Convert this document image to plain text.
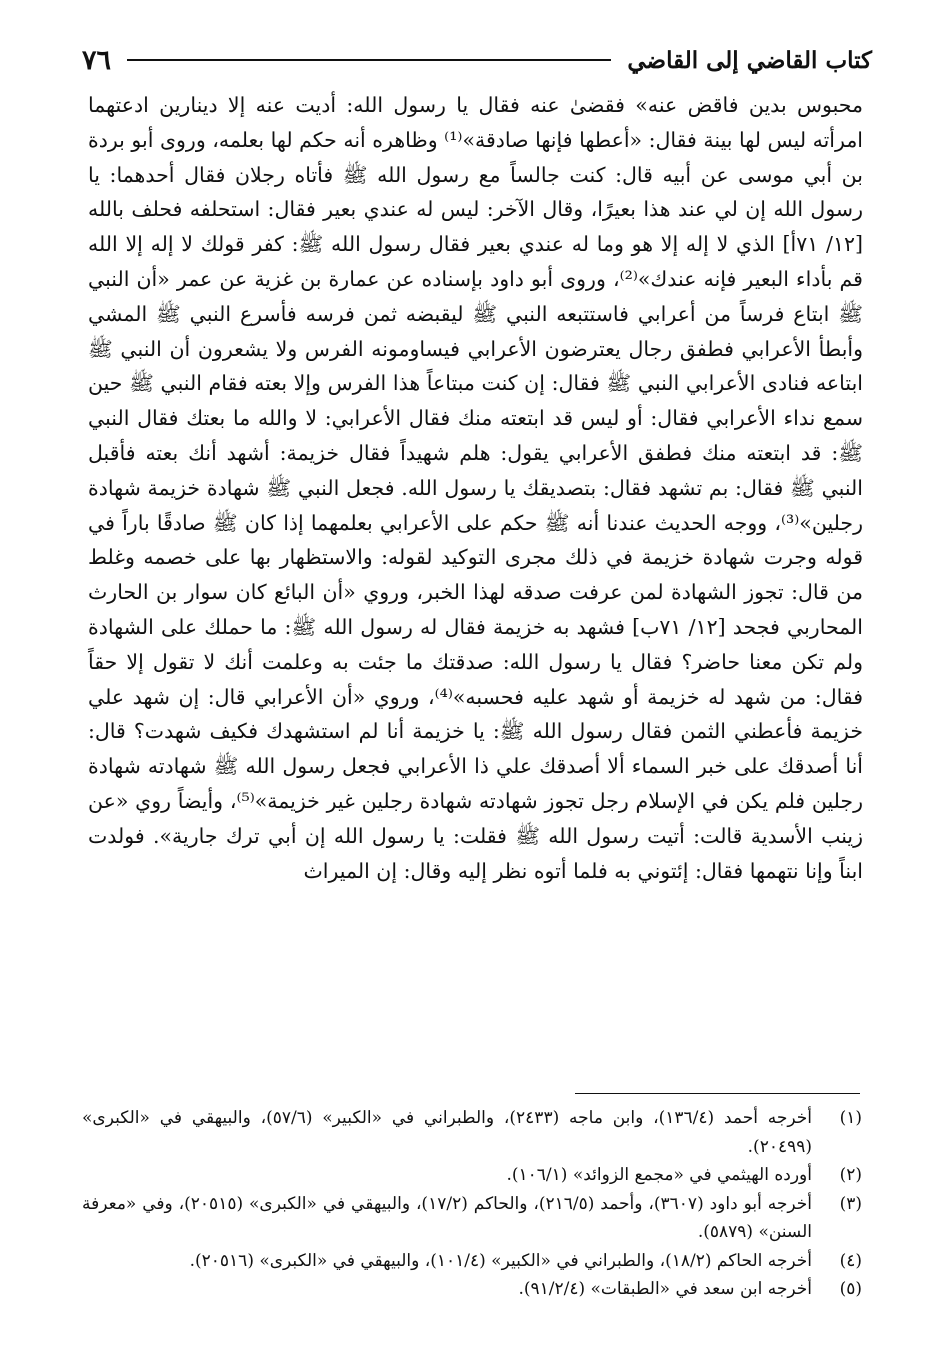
كتاب القاضي إلى القاضي
٧٦

محبوس بدين فاقض عنه» فقضىٰ عنه فقال يا رسول الله: أديت عنه إلا دينارين ادعتهما امرأته ليس لها بينة فقال: «أعطها فإنها صادقة»⁽¹⁾ وظاهره أنه حكم لها بعلمه، وروى أبو بردة بن أبي موسى عن أبيه قال: كنت جالساً مع رسول الله ﷺ فأتاه رجلان فقال أحدهما: يا رسول الله إن لي عند هذا بعيرًا، وقال الآخر: ليس له عندي بعير فقال: استحلفه فحلف بالله [١٢/ ٧١أ] الذي لا إله إلا هو وما له عندي بعير فقال رسول الله ﷺ: كفر قولك لا إله إلا الله قم بأداء البعير فإنه عندك»⁽²⁾، وروى أبو داود بإسناده عن عمارة بن غزية عن عمر «أن النبي ﷺ ابتاع فرساً من أعرابي فاستتبعه النبي ﷺ ليقبضه ثمن فرسه فأسرع النبي ﷺ المشي وأبطأ الأعرابي فطفق رجال يعترضون الأعرابي فيساومونه الفرس ولا يشعرون أن النبي ﷺ ابتاعه فنادى الأعرابي النبي ﷺ فقال: إن كنت مبتاعاً هذا الفرس وإلا بعته فقام النبي ﷺ حين سمع نداء الأعرابي فقال: أو ليس قد ابتعته منك فقال الأعرابي: لا والله ما بعتك فقال النبي ﷺ: قد ابتعته منك فطفق الأعرابي يقول: هلم شهيداً فقال خزيمة: أشهد أنك بعته فأقبل النبي ﷺ فقال: بم تشهد فقال: بتصديقك يا رسول الله. فجعل النبي ﷺ شهادة خزيمة شهادة رجلين»⁽³⁾، ووجه الحديث عندنا أنه ﷺ حكم على الأعرابي بعلمهما إذا كان ﷺ صادقًا باراً في قوله وجرت شهادة خزيمة في ذلك مجرى التوكيد لقوله: والاستظهار بها على خصمه وغلط من قال: تجوز الشهادة لمن عرفت صدقه لهذا الخبر، وروي «أن البائع كان سوار بن الحارث المحاربي فجحد [١٢/ ٧١ب] فشهد به خزيمة فقال له رسول الله ﷺ: ما حملك على الشهادة ولم تكن معنا حاضر؟ فقال يا رسول الله: صدقتك ما جئت به وعلمت أنك لا تقول إلا حقاً فقال: من شهد له خزيمة أو شهد عليه فحسبه»⁽⁴⁾، وروي «أن الأعرابي قال: إن شهد علي خزيمة فأعطني الثمن فقال رسول الله ﷺ: يا خزيمة أنا لم استشهدك فكيف شهدت؟ قال: أنا أصدقك على خبر السماء ألا أصدقك علي ذا الأعرابي فجعل رسول الله ﷺ شهادته شهادة رجلين فلم يكن في الإسلام رجل تجوز شهادته شهادة رجلين غير خزيمة»⁽⁵⁾، وأيضاً روي «عن زينب الأسدية قالت: أتيت رسول الله ﷺ فقلت: يا رسول الله إن أبي ترك جارية». فولدت ابناً وإنا نتهمها فقال: إئتوني به فلما أتوه نظر إليه وقال: إن الميراث

(١)
أخرجه أحمد (١٣٦/٤)، وابن ماجه (٢٤٣٣)، والطبراني في «الكبير» (٥٧/٦)، والبيهقي في «الكبرى» (٢٠٤٩٩).
(٢)
أورده الهيثمي في «مجمع الزوائد» (١٠٦/١).
(٣)
أخرجه أبو داود (٣٦٠٧)، وأحمد (٢١٦/٥)، والحاكم (١٧/٢)، والبيهقي في «الكبرى» (٢٠٥١٥)، وفي «معرفة السنن» (٥٨٧٩).
(٤)
أخرجه الحاكم (١٨/٢)، والطبراني في «الكبير» (١٠١/٤)، والبيهقي في «الكبرى» (٢٠٥١٦).
(٥)
أخرجه ابن سعد في «الطبقات» (٩١/٢/٤).
